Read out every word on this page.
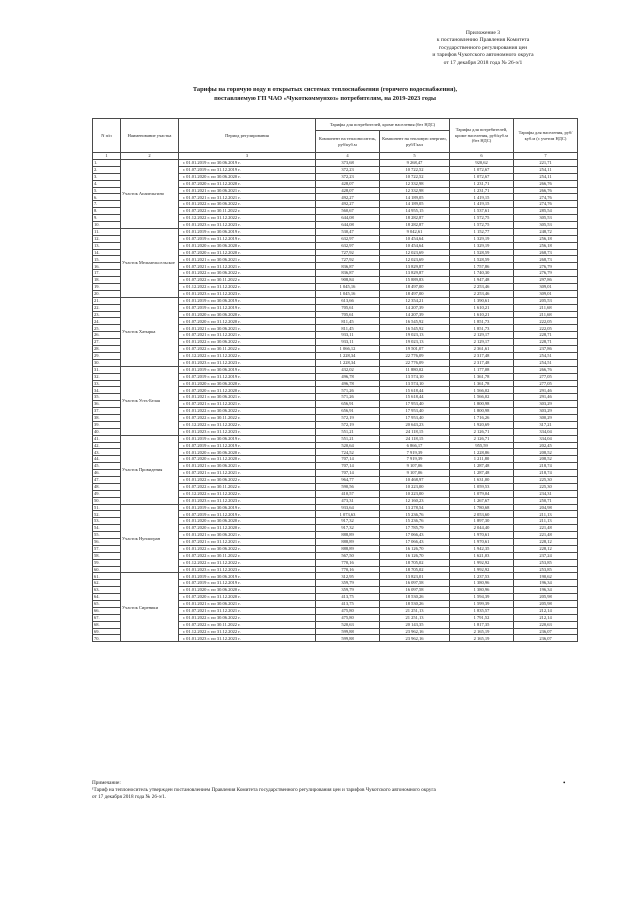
Приложение 3
к постановлению Правления Комитета
государственного регулирования цен
и тарифов Чукотского автономного округа
от 17 декабря 2018 года № 26-э/1
Тарифы на горячую воду в открытых системах теплоснабжения (горячего водоснабжения),
поставляемую ГП ЧАО «Чукоткоммунхоз» потребителям, на 2019-2023 годы
N п/п	Наименование участка	Период регулирования	Тарифы для потребителей, кроме населения (без НДС)		Тарифы для потребителей, кроме населения, руб/куб.м (без НДС)	Тарифы для населения, руб/куб.м (с учетом НДС)
			Компонент на теплоноситель, руб/куб.м	Компонент на тепловую энергию, руб/Гкал		
1	2	3	4	5	6	7
1.	Участок Апапельгино	с 01.01.2019 г. по 30.06.2019 г.	373,68	9 268,47	920,62	221,71
2.		с 01.07.2019 г. по 31.12.2019 г.	372,23	10 722,52	1 072,67	254,11
3.		с 01.01.2020 г. по 30.06.2020 г.	372,23	10 722,52	1 072,67	254,11
4.		с 01.07.2020 г. по 31.12.2020 г.	428,07	12 332,98	1 231,71	266,76
5.		с 01.01.2021 г. по 30.06.2021 г.	428,07	12 332,98	1 231,71	266,76
6.		с 01.07.2021 г. по 31.12.2021 г.	492,27	14 189,05	1 419,15	274,76
7.		с 01.01.2022 г. по 30.06.2022 г.	492,27	14 189,05	1 419,15	274,76
8.		с 01.07.2022 г. по 30.11.2022 г.	560,67	14 955,15	1 537,61	285,54
9.		с 01.12.2022 г. по 31.12.2022 г.	644,08	18 282,87	1 572,75	305,53
10.		с 01.01.2023 г. по 31.12.2023 г.	644,08	18 282,87	1 572,75	305,53
11.	Участок Мельмельсельское	с 01.01.2019 г. по 30.06.2019 г.	530,47	9 042,61	1 152,77	248,72
12.		с 01.07.2019 г. по 31.12.2019 г.	632,97	10 454,64	1 329,19	256,18
13.		с 01.01.2020 г. по 30.06.2020 г.	632,97	10 454,64	1 329,19	256,18
14.		с 01.07.2020 г. по 31.12.2020 г.	727,92	12 023,69	1 528,59	268,73
15.		с 01.01.2021 г. по 30.06.2021 г.	727,92	12 023,69	1 528,59	268,73
16.		с 01.07.2021 г. по 31.12.2021 г.	836,87	13 829,87	1 757,86	276,79
17.		с 01.01.2022 г. по 30.06.2022 г.	836,87	13 829,87	1 740,30	276,79
18.		с 01.07.2022 г. по 30.11.2022 г.	908,84	15 889,83	1 947,48	297,86
19.		с 01.12.2022 г. по 31.12.2022 г.	1 045,16	18 497,00	2 253,46	309,01
20.		с 01.01.2023 г. по 31.12.2023 г.	1 045,16	18 497,00	2 253,46	309,01
21.	Участок Хатырка	с 01.01.2019 г. по 30.06.2019 г.	613,66	12 354,21	1 390,61	205,53
22.		с 01.07.2019 г. по 31.12.2019 г.	705,61	14 207,39	1 610,21	211,68
23.		с 01.01.2020 г. по 30.06.2020 г.	705,61	14 207,39	1 610,21	211,68
24.		с 01.07.2020 г. по 31.12.2020 г.	811,45	16 545,92	1 851,73	222,05
25.		с 01.01.2021 г. по 30.06.2021 г.	811,45	16 545,92	1 851,73	222,05
26.		с 01.07.2021 г. по 31.12.2021 г.	933,11	19 023,13	2 129,17	228,71
27.		с 01.01.2022 г. по 30.06.2022 г.	933,11	19 023,13	2 129,17	228,71
28.		с 01.07.2022 г. по 30.11.2022 г.	1 066,12	19 501,07	2 361,61	237,86
29.		с 01.12.2022 г. по 31.12.2022 г.	1 228,34	22 776,09	2 317,48	254,51
30.		с 01.01.2023 г. по 31.12.2023 г.	1 228,34	22 776,09	2 317,48	254,51
31.	Участок Усть-Белая	с 01.01.2019 г. по 30.06.2019 г.	432,02	11 880,02	1 177,08	266,76
32.		с 01.07.2019 г. по 31.12.2019 г.	496,78	13 574,10	1 361,78	277,05
33.		с 01.01.2020 г. по 30.06.2020 г.	496,78	13 574,10	1 361,78	277,05
34.		с 01.07.2020 г. по 31.12.2020 г.	571,26	15 618,44	1 566,02	291,46
35.		с 01.01.2021 г. по 30.06.2021 г.	571,26	15 618,44	1 566,02	291,46
36.		с 01.07.2021 г. по 31.12.2021 г.	656,91	17 953,40	1 800,98	303,29
37.		с 01.01.2022 г. по 30.06.2022 г.	656,91	17 953,40	1 800,98	303,29
38.		с 01.07.2022 г. по 30.11.2022 г.	572,19	17 953,40	1 716,26	300,29
39.		с 01.12.2022 г. по 31.12.2022 г.	572,19	20 643,23	1 920,69	317,21
40.		с 01.01.2023 г. по 31.12.2023 г.	551,21	24 118,15	2 126,71	334,04
41.	Участок Провидения	с 01.01.2019 г. по 30.06.2019 г.	551,21	24 118,15	2 126,71	334,04
42.		с 01.07.2019 г. по 31.12.2019 г.	520,64	6 866,17	955,59	202,45
43.		с 01.01.2020 г. по 30.06.2020 г.	724,52	7 919,39	1 228,86	208,52
44.		с 01.07.2020 г. по 31.12.2020 г.	707,14	7 919,39	1 211,80	208,52
45.		с 01.01.2021 г. по 30.06.2021 г.	707,14	9 107,06	1 287,48	218,74
46.		с 01.07.2021 г. по 31.12.2021 г.	707,14	9 107,06	1 287,48	218,74
47.		с 01.01.2022 г. по 30.06.2022 г.	964,77	10 468,97	1 631,00	225,30
48.		с 01.07.2022 г. по 30.11.2022 г.	590,56	10 223,00	1 059,53	225,30
49.		с 01.12.2022 г. по 31.12.2022 г.	410,57	10 223,00	1 079,04	234,31
50.		с 01.01.2023 г. по 31.12.2023 г.	473,31	12 160,23	1 267,67	250,71
51.	Участок Нунлигран	с 01.01.2019 г. по 30.06.2019 г.	933,64	13 278,54	1 780,68	204,98
52.		с 01.07.2019 г. по 31.12.2019 г.	1 073,63	15 236,76	2 053,60	211,13
53.		с 01.01.2020 г. по 30.06.2020 г.	917,32	15 236,76	1 897,30	211,13
54.		с 01.07.2020 г. по 31.12.2020 г.	917,32	17 785,79	2 044,40	221,48
55.		с 01.01.2021 г. по 30.06.2021 г.	888,89	17 066,43	1 970,61	221,48
56.		с 01.07.2021 г. по 31.12.2021 г.	888,89	17 066,43	1 970,61	228,12
57.		с 01.01.2022 г. по 30.06.2022 г.	888,89	16 126,70	1 942,35	228,12
58.		с 01.07.2022 г. по 30.11.2022 г.	567,50	16 126,70	1 621,03	237,24
59.		с 01.12.2022 г. по 31.12.2022 г.	770,16	18 705,02	1 992,92	253,85
60.		с 01.01.2023 г. по 31.12.2023 г.	770,16	18 705,02	1 992,92	253,85
61.	Участок Сиреники	с 01.01.2019 г. по 30.06.2019 г.	312,95	13 823,01	1 237,53	190,62
62.		с 01.07.2019 г. по 31.12.2019 г.	359,79	16 097,58	1 380,96	196,34
63.		с 01.01.2020 г. по 30.06.2020 г.	359,79	16 097,58	1 380,96	196,34
64.		с 01.07.2020 г. по 31.12.2020 г.	413,75	18 530,26	1 594,39	205,98
65.		с 01.01.2021 г. по 30.06.2021 г.	413,75	18 530,26	1 599,39	205,98
66.		с 01.07.2021 г. по 31.12.2021 г.	475,80	21 251,13	1 835,57	212,14
67.		с 01.01.2022 г. по 30.06.2022 г.	475,80	21 251,13	1 791,52	212,14
68.		с 01.07.2022 г. по 30.11.2022 г.	520,63	20 143,35	1 817,35	220,63
69.		с 01.12.2022 г. по 31.12.2022 г.	599,88	23 962,16	2 165,19	236,07
70.		с 01.01.2023 г. по 31.12.2023 г.	599,88	23 962,16	2 165,19	236,07
Примечание:
¹Тариф на теплоноситель утвержден постановлением Правления Комитета государственного регулирования цен и тарифов Чукотского автономного округа
от 17 декабря 2018 года № 26-э/1.
•
